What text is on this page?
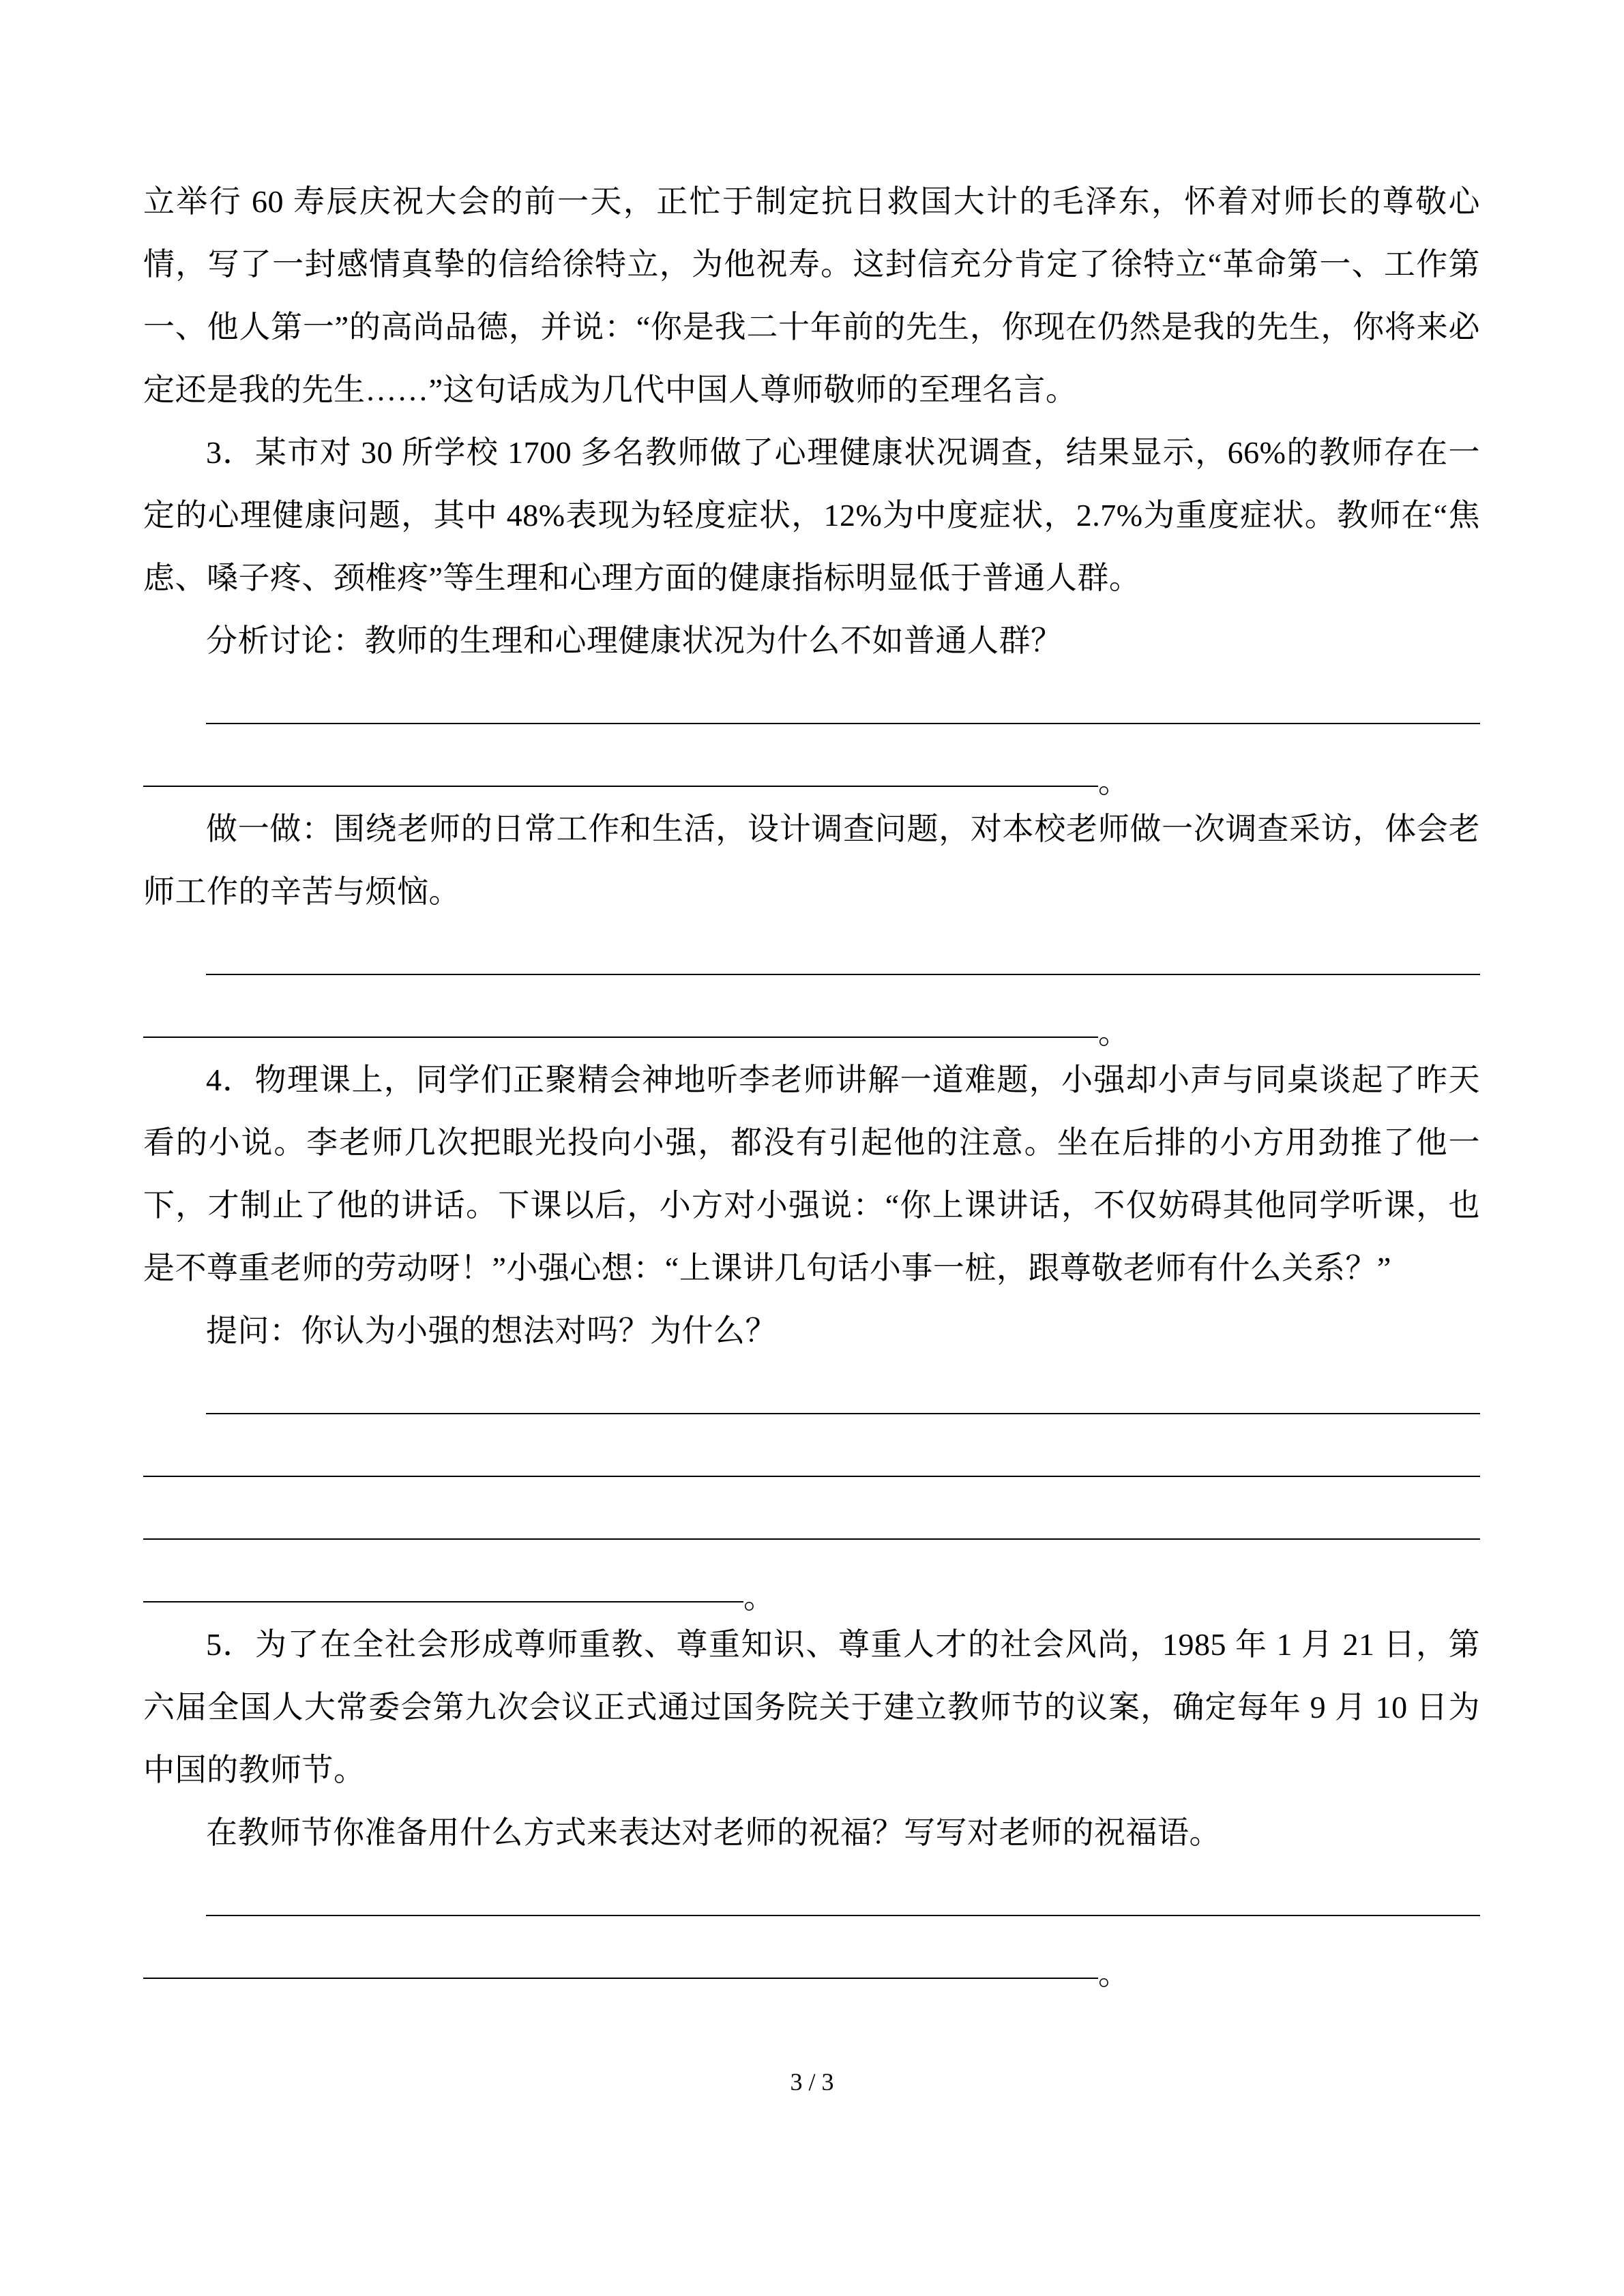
立举行 60 寿辰庆祝大会的前一天，正忙于制定抗日救国大计的毛泽东，怀着对师长的尊敬心情，写了一封感情真挚的信给徐特立，为他祝寿。这封信充分肯定了徐特立“革命第一、工作第一、他人第一”的高尚品德，并说：“你是我二十年前的先生，你现在仍然是我的先生，你将来必定还是我的先生……”这句话成为几代中国人尊师敬师的至理名言。

3．某市对 30 所学校 1700 多名教师做了心理健康状况调查，结果显示，66%的教师存在一定的心理健康问题，其中 48%表现为轻度症状，12%为中度症状，2.7%为重度症状。教师在“焦虑、嗓子疼、颈椎疼”等生理和心理方面的健康指标明显低于普通人群。

分析讨论：教师的生理和心理健康状况为什么不如普通人群？

。

做一做：围绕老师的日常工作和生活，设计调查问题，对本校老师做一次调查采访，体会老师工作的辛苦与烦恼。

。

4．物理课上，同学们正聚精会神地听李老师讲解一道难题，小强却小声与同桌谈起了昨天看的小说。李老师几次把眼光投向小强，都没有引起他的注意。坐在后排的小方用劲推了他一下，才制止了他的讲话。下课以后，小方对小强说：“你上课讲话，不仅妨碍其他同学听课，也是不尊重老师的劳动呀！”小强心想：“上课讲几句话小事一桩，跟尊敬老师有什么关系？”

提问：你认为小强的想法对吗？为什么？

。

5．为了在全社会形成尊师重教、尊重知识、尊重人才的社会风尚，1985 年 1 月 21 日，第六届全国人大常委会第九次会议正式通过国务院关于建立教师节的议案，确定每年 9 月 10 日为中国的教师节。

在教师节你准备用什么方式来表达对老师的祝福？写写对老师的祝福语。

。
3 / 3
